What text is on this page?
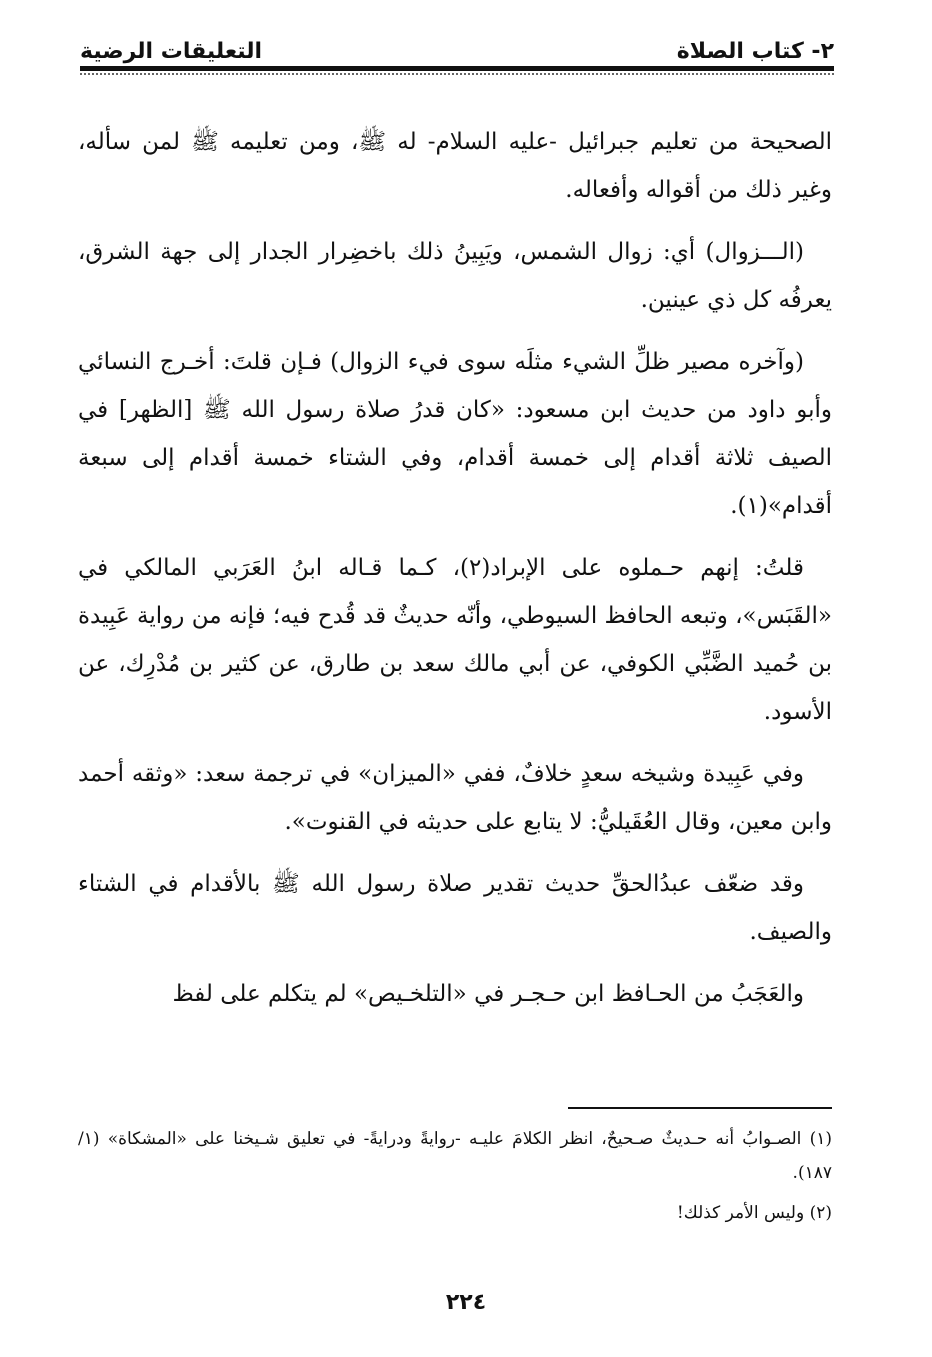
٢- كتاب الصلاة
التعليقات الرضية

الصحيحة من تعليم جبرائيل -عليه السلام- له ﷺ، ومن تعليمه ﷺ لمن سأله، وغير ذلك من أقواله وأفعاله.

(الـــزوال) أي: زوال الشمس، ويَبِينُ ذلك باخضِرار الجدار إلى جهة الشرق، يعرفُه كل ذي عينين.

(وآخره مصير ظلِّ الشيء مثلَه سوى فيء الزوال) فـإن قلتَ: أخـرج النسائي وأبو داود من حديث ابن مسعود: «كان قدرُ صلاة رسول الله ﷺ [الظهر] في الصيف ثلاثة أقدام إلى خمسة أقدام، وفي الشتاء خمسة أقدام إلى سبعة أقدام»(١).

قلتُ: إنهم حـملوه على الإبراد(٢)، كـما قـاله ابنُ العَرَبي المالكي في «القَبَس»، وتبعه الحافظ السيوطي، وأنّه حديثٌ قد قُدح فيه؛ فإنه من رواية عَبِيدة بن حُميد الضَّبِّي الكوفي، عن أبي مالك سعد بن طارق، عن كثير بن مُدْرِك، عن الأسود.

وفي عَبِيدة وشيخه سعدٍ خلافٌ، ففي «الميزان» في ترجمة سعد: «وثقه أحمد وابن معين، وقال العُقَيليُّ: لا يتابع على حديثه في القنوت».

وقد ضعّف عبدُالحقِّ حديث تقدير صلاة رسول الله ﷺ بالأقدام في الشتاء والصيف.

والعَجَبُ من الحـافظ ابن حـجـر في «التلخـيص» لم يتكلم على لفظ

(١) الصـوابُ أنه حـديثٌ صـحيحٌ، انظر الكلامَ عليـه -روايةً ودرايةً- في تعليق شـيخنا على «المشكاة» (١/ ١٨٧).

(٢) وليس الأمر كذلك!

٢٢٤
